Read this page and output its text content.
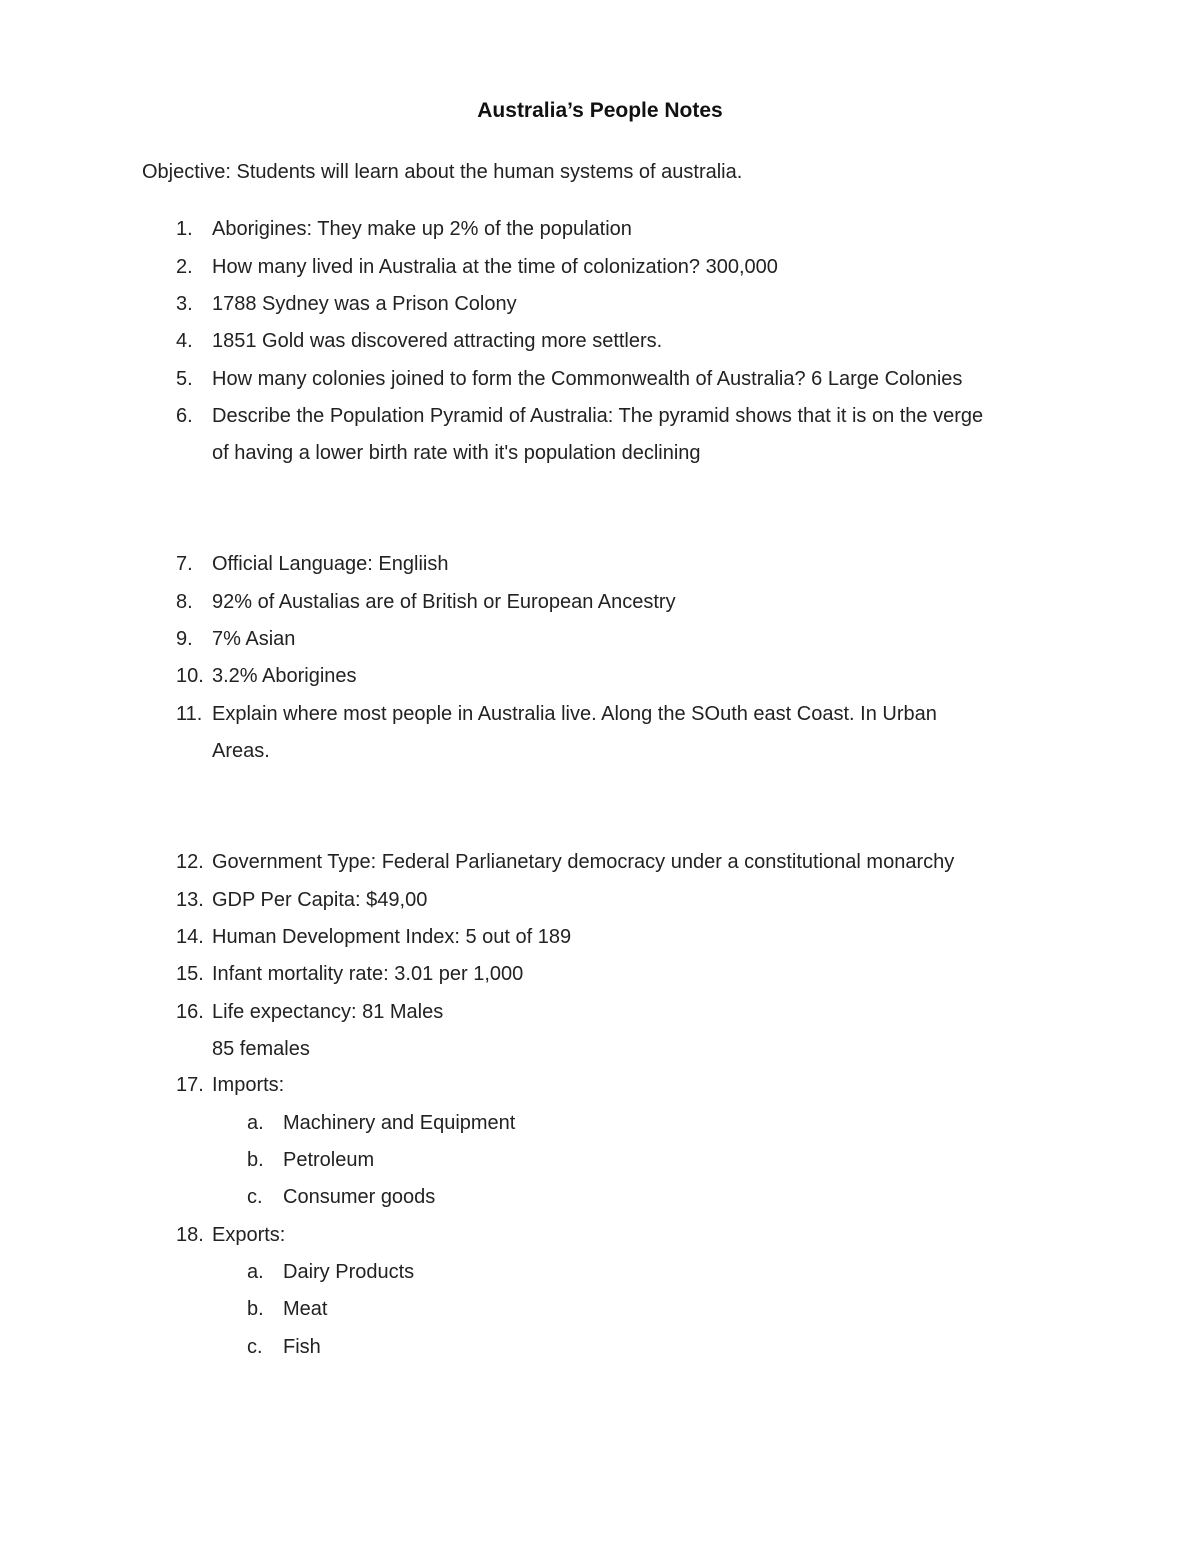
Australia’s People Notes

Objective: Students will learn about the human systems of australia.

1. Aborigines: They make up 2% of the population
2. How many lived in Australia at the time of colonization? 300,000
3. 1788 Sydney was a Prison Colony
4. 1851 Gold was discovered attracting more settlers.
5. How many colonies joined to form the Commonwealth of Australia? 6 Large Colonies
6. Describe the Population Pyramid of Australia: The pyramid shows that it is on the verge
of having a lower birth rate with it's population declining
7. Official Language: Engliish
8. 92% of Austalias are of British or European Ancestry
9. 7% Asian
10. 3.2% Aborigines
11. Explain where most people in Australia live. Along the SOuth east Coast. In Urban
Areas.
12. Government Type: Federal Parlianetary democracy under a constitutional monarchy
13. GDP Per Capita: $49,00
14. Human Development Index: 5 out of 189
15. Infant mortality rate: 3.01 per 1,000
16. Life expectancy: 81 Males
85 females
17. Imports:
a. Machinery and Equipment
b. Petroleum
c.	Consumer goods
18. Exports:
a. Dairy Products
b. Meat
c.	Fish
